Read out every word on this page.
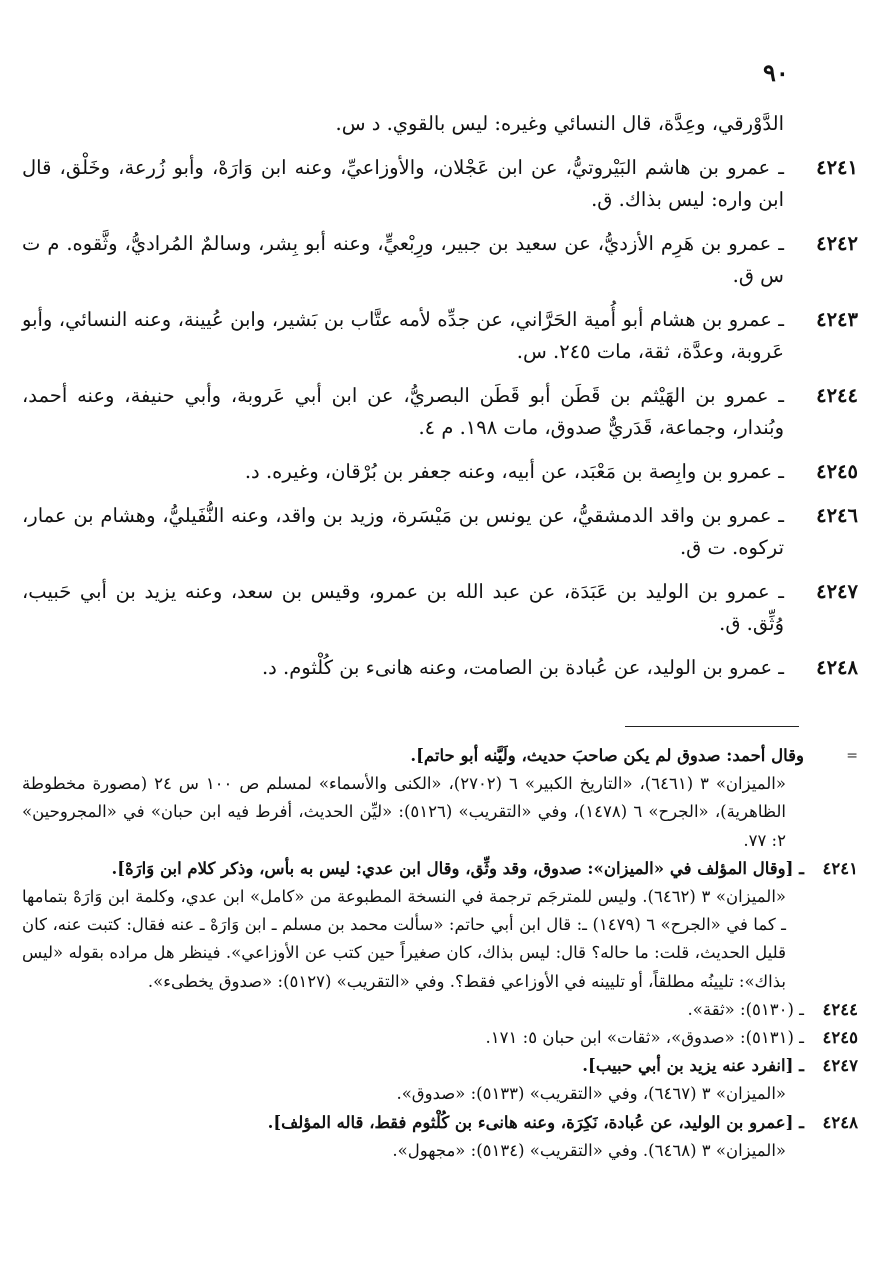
٩٠
الدَّوْرقي، وعِدَّة، قال النسائي وغيره: ليس بالقوي. د س.
٤٢٤١
ـ عمرو بن هاشم البَيْروتيُّ، عن ابن عَجْلان، والأوزاعيِّ، وعنه ابن وَارَهْ، وأبو زُرعة، وخَلْق، قال ابن واره: ليس بذاك. ق.
٤٢٤٢
ـ عمرو بن هَرِم الأزديُّ، عن سعيد بن جبير، ورِبْعيٍّ، وعنه أبو بِشر، وسالمٌ المُراديُّ، وثَّقوه. م ت س ق.
٤٢٤٣
ـ عمرو بن هشام أبو أُمية الحَرَّاني، عن جدِّه لأمه عتَّاب بن بَشير، وابن عُيينة، وعنه النسائي، وأبو عَروبة، وعدَّة، ثقة، مات ٢٤٥. س.
٤٢٤٤
ـ عمرو بن الهَيْثم بن قَطَن أبو قَطَن البصريُّ، عن ابن أبي عَروبة، وأبي حنيفة، وعنه أحمد، وبُندار، وجماعة، قَدَريٌّ صدوق، مات ١٩٨. م ٤.
٤٢٤٥
ـ عمرو بن وابِصة بن مَعْبَد، عن أبيه، وعنه جعفر بن بُرْقان، وغيره. د.
٤٢٤٦
ـ عمرو بن واقد الدمشقيُّ، عن يونس بن مَيْسَرة، وزيد بن واقد، وعنه النُّفَيليُّ، وهشام بن عمار، تركوه. ت ق.
٤٢٤٧
ـ عمرو بن الوليد بن عَبَدَة، عن عبد الله بن عمرو، وقيس بن سعد، وعنه يزيد بن أبي حَبيب، وُثِّق. ق.
٤٢٤٨
ـ عمرو بن الوليد، عن عُبادة بن الصامت، وعنه هانىء بن كُلْثوم. د.
=
وقال أحمد: صدوق لم يكن صاحبَ حديث، ولَيَّنه أبو حاتم].
«الميزان» ٣ (٦٤٦١)، «التاريخ الكبير» ٦ (٢٧٠٢)، «الكنى والأسماء» لمسلم ص ١٠٠ س ٢٤ (مصورة مخطوطة الظاهرية)، «الجرح» ٦ (١٤٧٨)، وفي «التقريب» (٥١٢٦): «ليِّن الحديث، أفرط فيه ابن حبان» في «المجروحين» ٢: ٧٧.
٤٢٤١
ـ [وقال المؤلف في «الميزان»: صدوق، وقد وثِّق، وقال ابن عدي: ليس به بأس، وذكر كلام ابن وَارَهْ].
«الميزان» ٣ (٦٤٦٢). وليس للمترجَم ترجمة في النسخة المطبوعة من «كامل» ابن عدي، وكلمة ابن وَارَهْ بتمامها ـ كما في «الجرح» ٦ (١٤٧٩) ـ: قال ابن أبي حاتم: «سألت محمد بن مسلم ـ ابن وَارَهْ ـ عنه فقال: كتبت عنه، كان قليل الحديث، قلت: ما حاله؟ قال: ليس بذاك، كان صغيراً حين كتب عن الأوزاعي». فينظر هل مراده بقوله «ليس بذاك»: تليينُه مطلقاً، أو تليينه في الأوزاعي فقط؟. وفي «التقريب» (٥١٢٧): «صدوق يخطىء».
٤٢٤٤
ـ (٥١٣٠): «ثقة».
٤٢٤٥
ـ (٥١٣١): «صدوق»، «ثقات» ابن حبان ٥: ١٧١.
٤٢٤٧
ـ [انفرد عنه يزيد بن أبي حبيب].
«الميزان» ٣ (٦٤٦٧)، وفي «التقريب» (٥١٣٣): «صدوق».
٤٢٤٨
ـ [عمرو بن الوليد، عن عُبادة، نَكِرَة، وعنه هانىء بن كُلْثوم فقط، قاله المؤلف].
«الميزان» ٣ (٦٤٦٨). وفي «التقريب» (٥١٣٤): «مجهول».
